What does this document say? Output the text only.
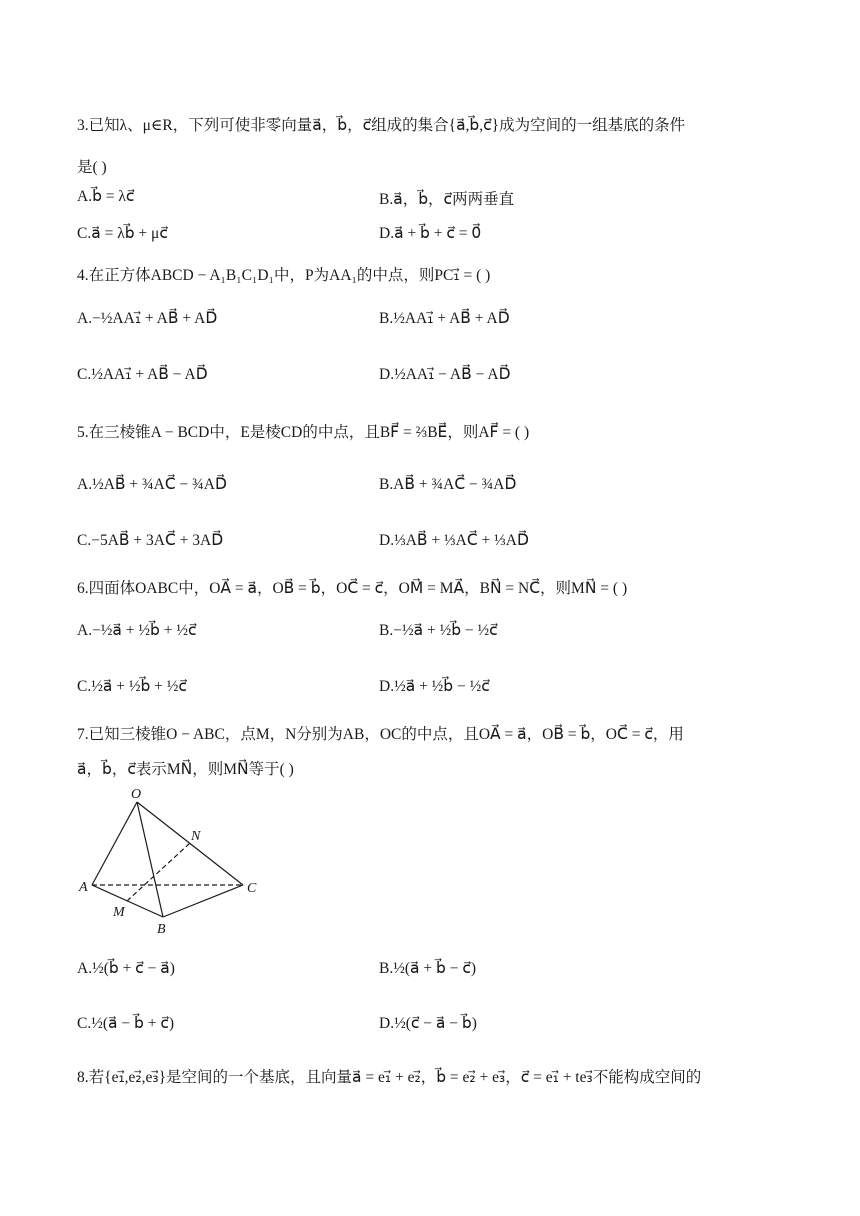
3.已知λ、μ∈R，下列可使非零向量a⃗，b⃗，c⃗组成的集合{a⃗,b⃗,c⃗}成为空间的一组基底的条件
是( )
A.b⃗ = λc⃗	B.a⃗，b⃗，c⃗两两垂直
C.a⃗ = λb⃗ + μc⃗	D.a⃗ + b⃗ + c⃗ = 0⃗
4.在正方体ABCD − A₁B₁C₁D₁中，P为AA₁的中点，则PC₁⃗ = ( )
A.−½AA₁⃗ + AB⃗ + AD⃗	B.½AA₁⃗ + AB⃗ + AD⃗
C.½AA₁⃗ + AB⃗ − AD⃗	D.½AA₁⃗ − AB⃗ − AD⃗
5.在三棱锥A − BCD中，E是棱CD的中点，且BF⃗ = ⅔BE⃗，则AF⃗ = ( )
A.½AB⃗ + ¾AC⃗ − ¾AD⃗	B.AB⃗ + ¾AC⃗ − ¾AD⃗
C.−5AB⃗ + 3AC⃗ + 3AD⃗	D.⅓AB⃗ + ⅓AC⃗ + ⅓AD⃗
6.四面体OABC中，OA⃗ = a⃗，OB⃗ = b⃗，OC⃗ = c⃗，OM⃗ = MA⃗，BN⃗ = NC⃗，则MN⃗ = ( )
A.−½a⃗ + ½b⃗ + ½c⃗	B.−½a⃗ + ½b⃗ − ½c⃗
C.½a⃗ + ½b⃗ + ½c⃗	D.½a⃗ + ½b⃗ − ½c⃗
7.已知三棱锥O − ABC，点M，N分别为AB，OC的中点，且OA⃗ = a⃗，OB⃗ = b⃗，OC⃗ = c⃗，用
a⃗，b⃗，c⃗表示MN⃗，则MN⃗等于( )
O
N
A	C
M
B
A.½(b⃗ + c⃗ − a⃗)	B.½(a⃗ + b⃗ − c⃗)
C.½(a⃗ − b⃗ + c⃗)	D.½(c⃗ − a⃗ − b⃗)
8.若{e₁⃗,e₂⃗,e₃⃗}是空间的一个基底，且向量a⃗ = e₁⃗ + e₂⃗，b⃗ = e₂⃗ + e₃⃗，c⃗ = e₁⃗ + te₃⃗不能构成空间的
